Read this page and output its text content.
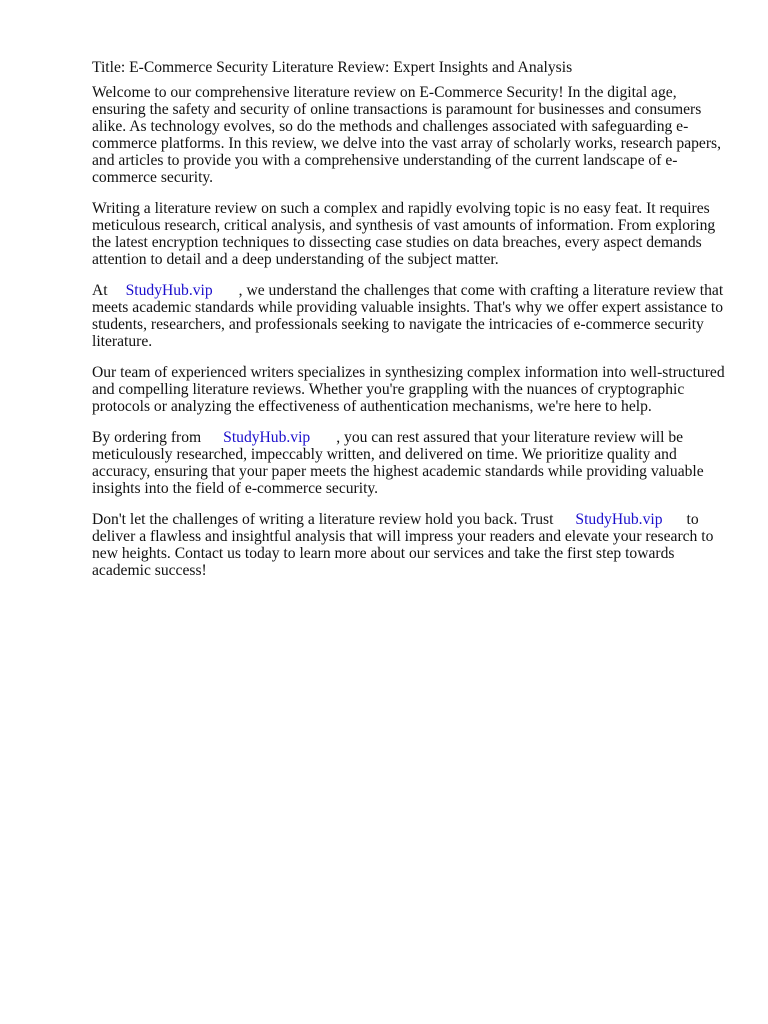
Title: E-Commerce Security Literature Review: Expert Insights and Analysis

Welcome to our comprehensive literature review on E-Commerce Security! In the digital age, ensuring the safety and security of online transactions is paramount for businesses and consumers alike. As technology evolves, so do the methods and challenges associated with safeguarding e-commerce platforms. In this review, we delve into the vast array of scholarly works, research papers, and articles to provide you with a comprehensive understanding of the current landscape of e-commerce security.

Writing a literature review on such a complex and rapidly evolving topic is no easy feat. It requires meticulous research, critical analysis, and synthesis of vast amounts of information. From exploring the latest encryption techniques to dissecting case studies on data breaches, every aspect demands attention to detail and a deep understanding of the subject matter.

At StudyHub.vip , we understand the challenges that come with crafting a literature review that meets academic standards while providing valuable insights. That's why we offer expert assistance to students, researchers, and professionals seeking to navigate the intricacies of e-commerce security literature.

Our team of experienced writers specializes in synthesizing complex information into well-structured and compelling literature reviews. Whether you're grappling with the nuances of cryptographic protocols or analyzing the effectiveness of authentication mechanisms, we're here to help.

By ordering from StudyHub.vip , you can rest assured that your literature review will be meticulously researched, impeccably written, and delivered on time. We prioritize quality and accuracy, ensuring that your paper meets the highest academic standards while providing valuable insights into the field of e-commerce security.

Don't let the challenges of writing a literature review hold you back. Trust StudyHub.vip to deliver a flawless and insightful analysis that will impress your readers and elevate your research to new heights. Contact us today to learn more about our services and take the first step towards academic success!
